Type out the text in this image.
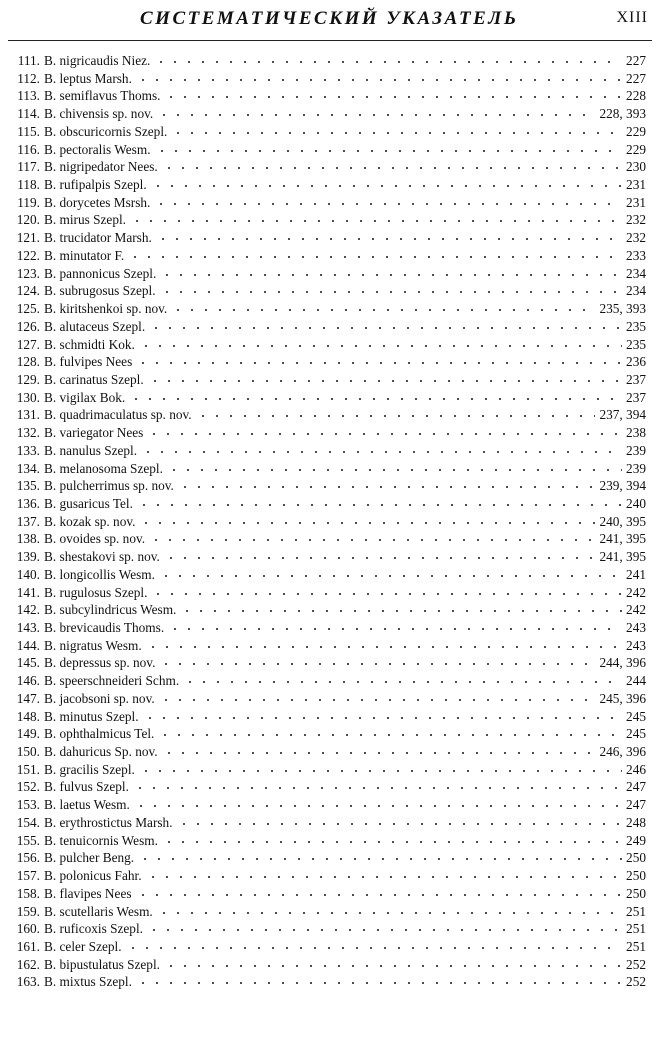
СИСТЕМАТИЧЕСКИЙ УКАЗАТЕЛЬ	XIII
111. B. nigricaudis Niez.	227
112. B. leptus Marsh.	227
113. B. semiflavus Thoms.	228
114. B. chivensis sp. nov.	228, 393
115. B. obscuricornis Szepl.	229
116. B. pectoralis Wesm.	229
117. B. nigripedator Nees.	230
118. B. rufipalpis Szepl.	231
119. B. dorycetes Msrsh.	231
120. B. mirus Szepl.	232
121. B. trucidator Marsh.	232
122. B. minutator F.	233
123. B. pannonicus Szepl.	234
124. B. subrugosus Szepl.	234
125. B. kiritshenkoi sp. nov.	235, 393
126. B. alutaceus Szepl.	235
127. B. schmidti Kok.	235
128. B. fulvipes Nees	236
129. B. carinatus Szepl.	237
130. B. vigilax Bok.	237
131. B. quadrimaculatus sp. nov.	237, 394
132. B. variegator Nees	238
133. B. nanulus Szepl.	239
134. B. melanosoma Szepl.	239
135. B. pulcherrimus sp. nov.	239, 394
136. B. gusaricus Tel.	240
137. B. kozak sp. nov.	240, 395
138. B. ovoides sp. nov.	241, 395
139. B. shestakovi sp. nov.	241, 395
140. B. longicollis Wesm.	241
141. B. rugulosus Szepl.	242
142. B. subcylindricus Wesm.	242
143. B. brevicaudis Thoms.	243
144. B. nigratus Wesm.	243
145. B. depressus sp. nov.	244, 396
146. B. speerschneideri Schm.	244
147. B. jacobsoni sp. nov.	245, 396
148. B. minutus Szepl.	245
149. B. ophthalmicus Tel.	245
150. B. dahuricus Sp. nov.	246, 396
151. B. gracilis Szepl.	246
152. B. fulvus Szepl.	247
153. B. laetus Wesm.	247
154. B. erythrostictus Marsh.	248
155. B. tenuicornis Wesm.	249
156. B. pulcher Beng.	250
157. B. polonicus Fahr.	250
158. B. flavipes Nees	250
159. B. scutellaris Wesm.	251
160. B. ruficoxis Szepl.	251
161. B. celer Szepl.	251
162. B. bipustulatus Szepl.	252
163. B. mixtus Szepl.	252
